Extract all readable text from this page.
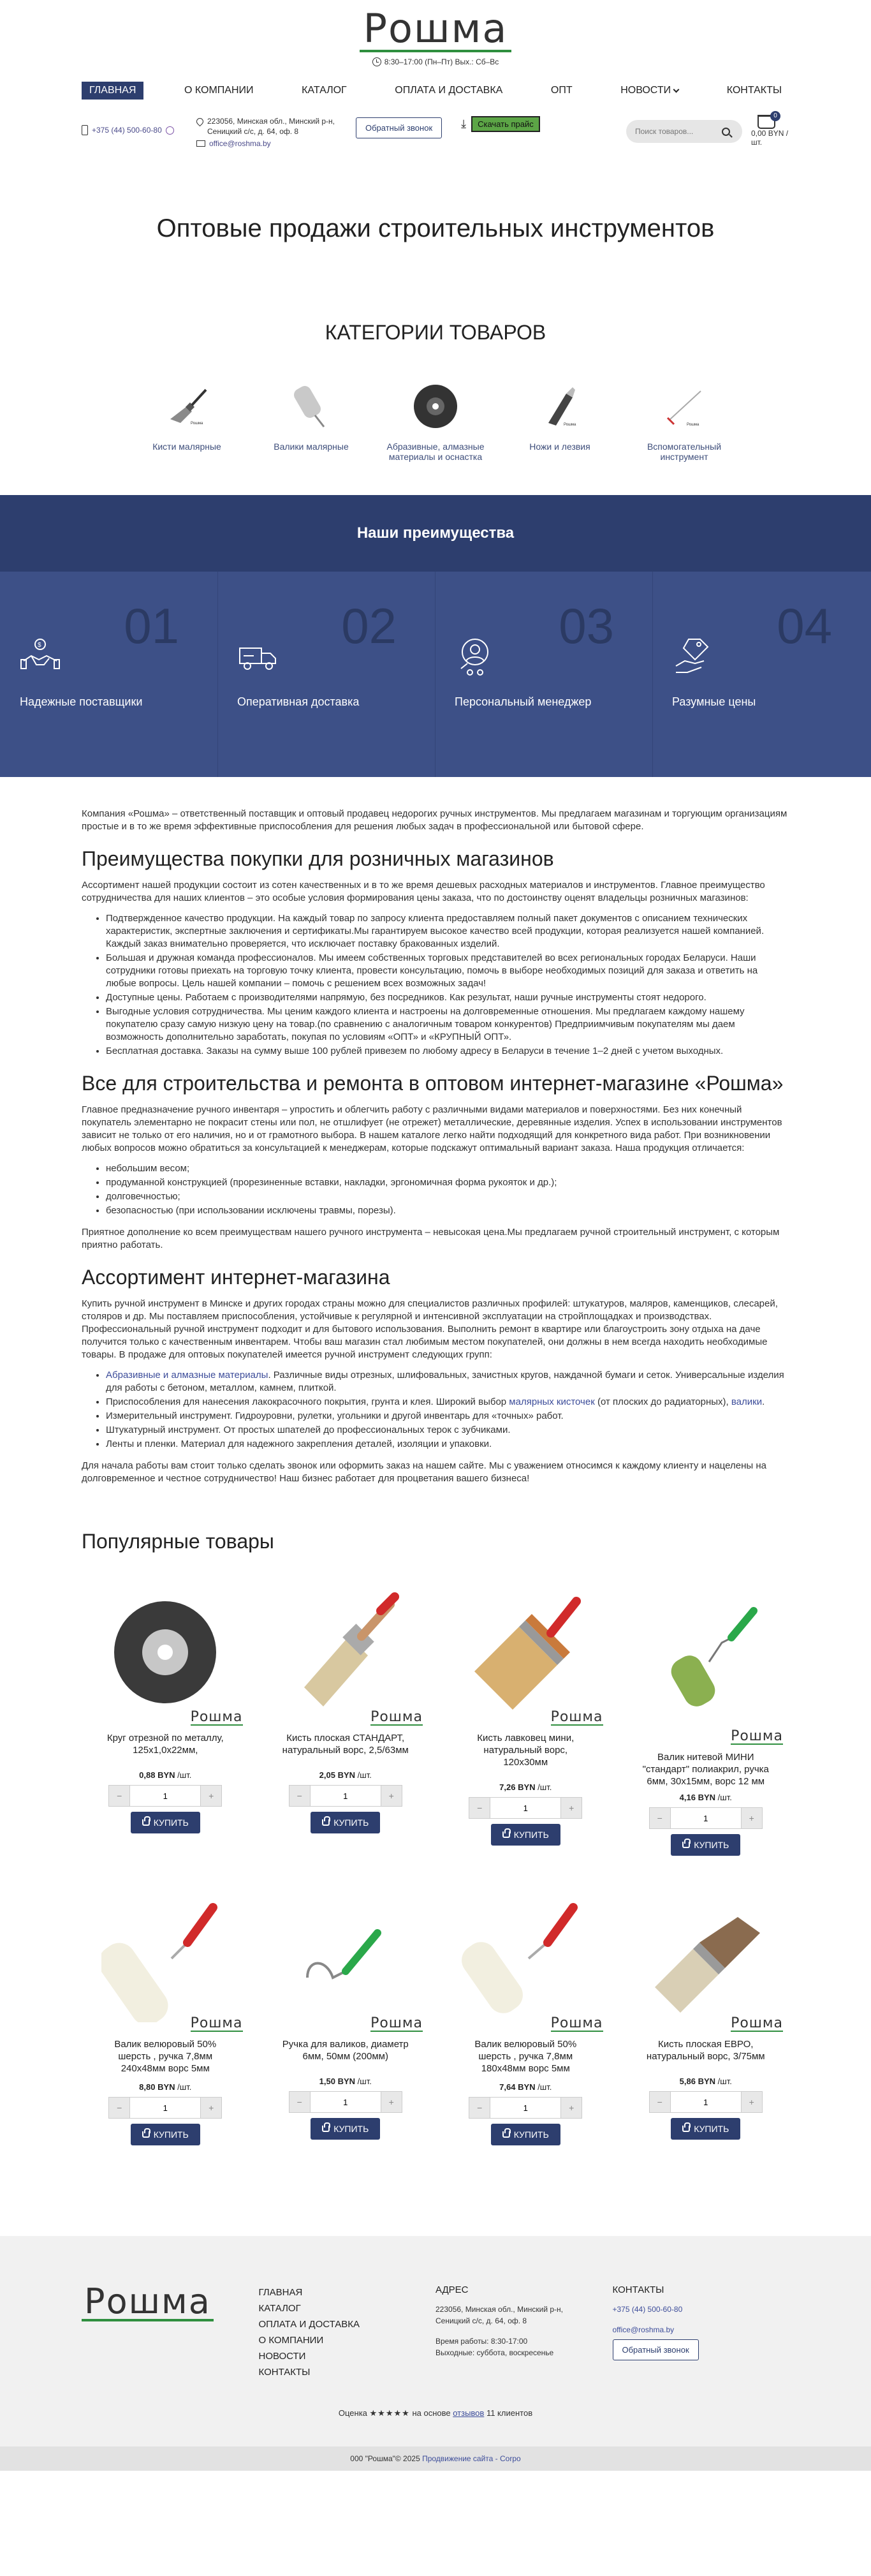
Рошма
8:30–17:00 (Пн–Пт) Вых.: Сб–Вс
ГЛАВНАЯ	О КОМПАНИИ	КАТАЛОГ	ОПЛАТА И ДОСТАВКА	ОПТ	НОВОСТИ	КОНТАКТЫ
+375 (44) 500-60-80
223056, Минская обл., Минский р-н,
Сеницкий с/с, д. 64, оф. 8
office@roshma.by
Обратный звонок	⤓	Скачать прайс
Поиск товаров...
0
0,00 BYN / шт.
Оптовые продажи строительных инструментов
КАТЕГОРИИ ТОВАРОВ
Рошма
Кисти малярные	Валики малярные	Абразивные, алмазные материалы и оснастка
Рошма
Ножи и лезвия
Рошма
Вспомогательный инструмент
Наши преимущества
01
$
Надежные поставщики
02
Оперативная доставка
03
Персональный менеджер
04
Разумные цены

Компания «Рошма» – ответственный поставщик и оптовый продавец недорогих ручных инструментов. Мы предлагаем магазинам и торгующим организациям простые и в то же время эффективные приспособления для решения любых задач в профессиональной или бытовой сфере.

Преимущества покупки для розничных магазинов

Ассортимент нашей продукции состоит из сотен качественных и в то же время дешевых расходных материалов и инструментов. Главное преимущество сотрудничества для наших клиентов – это особые условия формирования цены заказа, что по достоинству оценят владельцы розничных магазинов:

• Подтвержденное качество продукции. На каждый товар по запросу клиента предоставляем полный пакет документов с описанием технических характеристик, экспертные заключения и сертификаты.Мы гарантируем высокое качество всей продукции, которая реализуется нашей компанией. Каждый заказ внимательно проверяется, что исключает поставку бракованных изделий.
• Большая и дружная команда профессионалов. Мы имеем собственных торговых представителей во всех региональных городах Беларуси. Наши сотрудники готовы приехать на торговую точку клиента, провести консультацию, помочь в выборе необходимых позиций для заказа и ответить на любые вопросы. Цель нашей компании – помочь с решением всех возможных задач!
• Доступные цены. Работаем с производителями напрямую, без посредников. Как результат, наши ручные инструменты стоят недорого.
• Выгодные условия сотрудничества. Мы ценим каждого клиента и настроены на долговременные отношения. Мы предлагаем каждому нашему покупателю сразу самую низкую цену на товар.(по сравнению с аналогичным товаром конкурентов) Предприимчивым покупателям мы даем возможность дополнительно заработать, покупая по условиям «ОПТ» и «КРУПНЫЙ ОПТ».
• Бесплатная доставка. Заказы на сумму выше 100 рублей привезем по любому адресу в Беларуси в течение 1–2 дней с учетом выходных.
Все для строительства и ремонта в оптовом интернет-магазине «Рошма»

Главное предназначение ручного инвентаря – упростить и облегчить работу с различными видами материалов и поверхностями. Без них конечный покупатель элементарно не покрасит стены или пол, не отшлифует (не отрежет) металлические, деревянные изделия. Успех в использовании инструментов зависит не только от его наличия, но и от грамотного выбора. В нашем каталоге легко найти подходящий для конкретного вида работ. При возникновении любых вопросов можно обратиться за консультацией к менеджерам, которые подскажут оптимальный вариант заказа. Наша продукция отличается:

• небольшим весом;
• продуманной конструкцией (прорезиненные вставки, накладки, эргономичная форма рукояток и др.);
• долговечностью;
• безопасностью (при использовании исключены травмы, порезы).

Приятное дополнение ко всем преимуществам нашего ручного инструмента – невысокая цена.Мы предлагаем ручной строительный инструмент, с которым приятно работать.

Ассортимент интернет-магазина

Купить ручной инструмент в Минске и других городах страны можно для специалистов различных профилей: штукатуров, маляров, каменщиков, слесарей, столяров и др. Мы поставляем приспособления, устойчивые к регулярной и интенсивной эксплуатации на стройплощадках и производствах. Профессиональный ручной инструмент подходит и для бытового использования. Выполнить ремонт в квартире или благоустроить зону отдыха на даче получится только с качественным инвентарем. Чтобы ваш магазин стал любимым местом покупателей, они должны в нем всегда находить необходимые товары. В продаже для оптовых покупателей имеется ручной инструмент следующих групп:

• Абразивные и алмазные материалы. Различные виды отрезных, шлифовальных, зачистных кругов, наждачной бумаги и сеток. Универсальные изделия для работы с бетоном, металлом, камнем, плиткой.
• Приспособления для нанесения лакокрасочного покрытия, грунта и клея. Широкий выбор малярных кисточек (от плоских до радиаторных), валики.
• Измерительный инструмент. Гидроуровни, рулетки, угольники и другой инвентарь для «точных» работ.
• Штукатурный инструмент. От простых шпателей до профессиональных терок с зубчиками.
• Ленты и пленки. Материал для надежного закрепления деталей, изоляции и упаковки.

Для начала работы вам стоит только сделать звонок или оформить заказ на нашем сайте. Мы с уважением относимся к каждому клиенту и нацелены на долговременное и честное сотрудничество! Наш бизнес работает для процветания вашего бизнеса!

Популярные товары
Рошма
Круг отрезной по металлу, 125х1,0х22мм,
0,88 BYN /шт.
−
1	+
КУПИТЬ
Рошма
Кисть плоская СТАНДАРТ, натуральный ворс, 2,5/63мм
2,05 BYN /шт.
−
1	+
КУПИТЬ
Рошма
Кисть лавковец мини, натуральный ворс, 120х30мм
7,26 BYN /шт.
−
1	+
КУПИТЬ
Рошма
Валик нитевой МИНИ "стандарт" полиакрил, ручка 6мм, 30х15мм, ворс 12 мм
4,16 BYN /шт.
−
1	+
КУПИТЬ
Рошма
Валик велюровый 50% шерсть , ручка 7,8мм 240х48мм ворс 5мм
8,80 BYN /шт.
−
1	+
КУПИТЬ
Рошма
Ручка для валиков, диаметр 6мм, 50мм (200мм)
1,50 BYN /шт.
−
1	+
КУПИТЬ
Рошма
Валик велюровый 50% шерсть , ручка 7,8мм 180х48мм ворс 5мм
7,64 BYN /шт.
−
1	+
КУПИТЬ
Рошма
Кисть плоская ЕВРО, натуральный ворс, 3/75мм
5,86 BYN /шт.
−
1	+
КУПИТЬ
Рошма	ГЛАВНАЯ
КАТАЛОГ
ОПЛАТА И ДОСТАВКА
О КОМПАНИИ
НОВОСТИ
КОНТАКТЫ
АДРЕС
223056, Минская обл., Минский р-н,
Сеницкий с/с, д. 64, оф. 8
Время работы: 8:30-17:00
Выходные: суббота, воскресенье
КОНТАКТЫ
+375 (44) 500-60-80
office@roshma.by
Обратный звонок
Оценка ★★★★★ на основе отзывов 11 клиентов
000 "Рошма"© 2025 Продвижение сайта - Corpo
